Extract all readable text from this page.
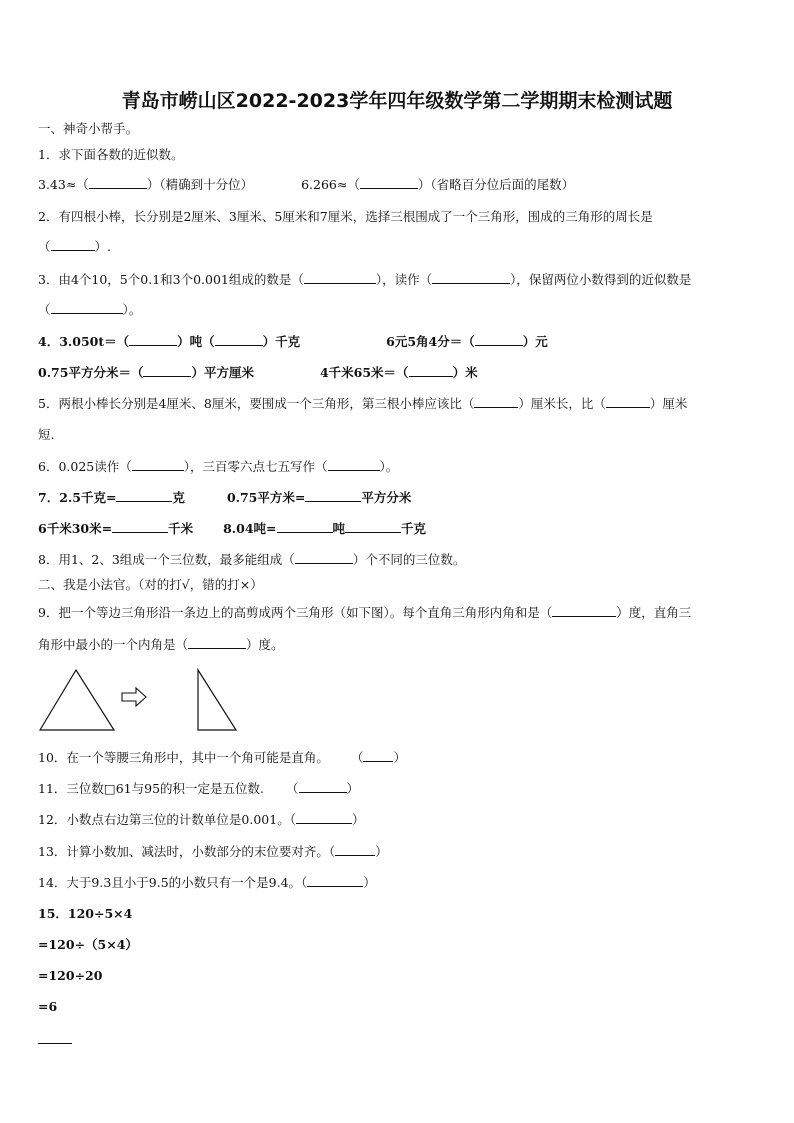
青岛市崂山区2022-2023学年四年级数学第二学期期末检测试题
一、神奇小帮手。
1．求下面各数的近似数。
3.43≈（	）（精确到十分位）	6.266≈（	）（省略百分位后面的尾数）
2．有四根小棒，长分别是2厘米、3厘米、5厘米和7厘米，选择三根围成了一个三角形，围成的三角形的周长是
（	）.
3．由4个10，5个0.1和3个0.001组成的数是（	），读作（	），保留两位小数得到的近似数是
（	）。
4．3.050t＝（	）吨（	）千克	6元5角4分＝（	）元
0.75平方分米＝（	）平方厘米	4千米65米＝（	）米
5．两根小棒长分别是4厘米、8厘米，要围成一个三角形，第三根小棒应该比（	）厘米长，比（	）厘米
短.
6．0.025读作（	），三百零六点七五写作（	）。
7．2.5千克=	克	0.75平方米=	平方分米
6千米30米=	千米 8.04吨=	吨	千克
8．用1、2、3组成一个三位数，最多能组成（	）个不同的三位数。
二、我是小法官。（对的打√，错的打×）
9．把一个等边三角形沿一条边上的高剪成两个三角形（如下图）。每个直角三角形内角和是（	）度，直角三
角形中最小的一个内角是（	）度。
10．在一个等腰三角形中，其中一个角可能是直角。 （ ）
11．三位数□61与95的积一定是五位数. （	）
12．小数点右边第三位的计数单位是0.001。（	）
13．计算小数加、减法时，小数部分的末位要对齐。（	）
14．大于9.3且小于9.5的小数只有一个是9.4。（	）
15．120÷5×4
=120÷（5×4）
=120÷20
=6
